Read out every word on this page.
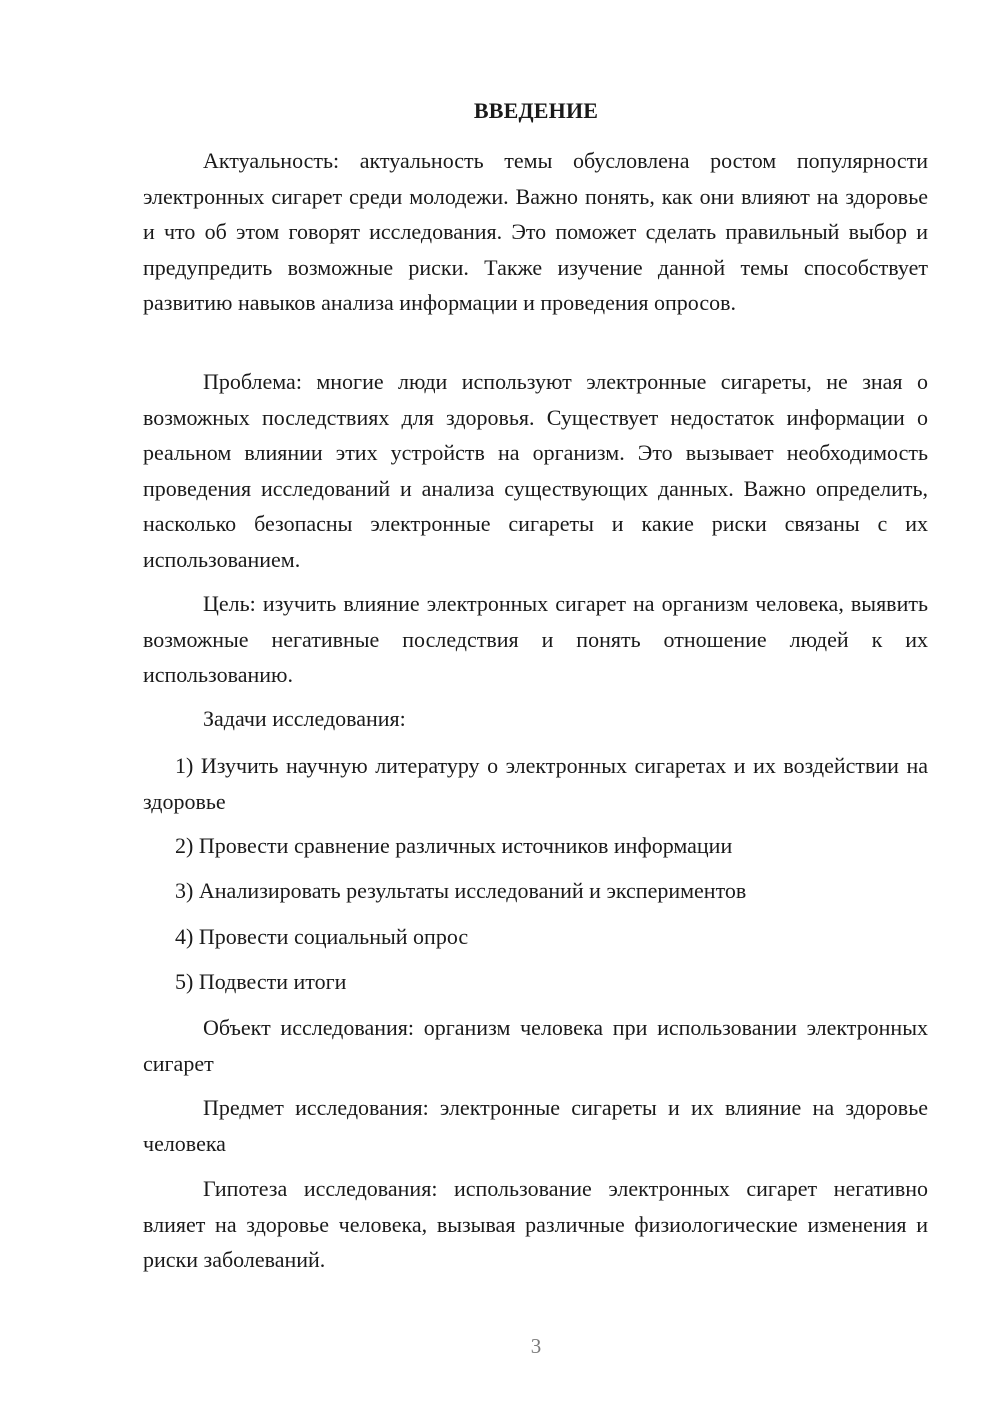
ВВЕДЕНИЕ

Актуальность: актуальность темы обусловлена ростом популярности электронных сигарет среди молодежи. Важно понять, как они влияют на здоровье и что об этом говорят исследования. Это поможет сделать правильный выбор и предупредить возможные риски. Также изучение данной темы способствует развитию навыков анализа информации и проведения опросов.

Проблема: многие люди используют электронные сигареты, не зная о возможных последствиях для здоровья. Существует недостаток информации о реальном влиянии этих устройств на организм. Это вызывает необходимость проведения исследований и анализа существующих данных. Важно определить, насколько безопасны электронные сигареты и какие риски связаны с их использованием.

Цель: изучить влияние электронных сигарет на организм человека, выявить возможные негативные последствия и понять отношение людей к их использованию.

Задачи исследования:

1) Изучить научную литературу о электронных сигаретах и их воздействии на здоровье

2) Провести сравнение различных источников информации

3) Анализировать результаты исследований и экспериментов

4) Провести социальный опрос

5) Подвести итоги

Объект исследования: организм человека при использовании электронных сигарет

Предмет исследования: электронные сигареты и их влияние на здоровье человека

Гипотеза исследования: использование электронных сигарет негативно влияет на здоровье человека, вызывая различные физиологические изменения и риски заболеваний.

3
